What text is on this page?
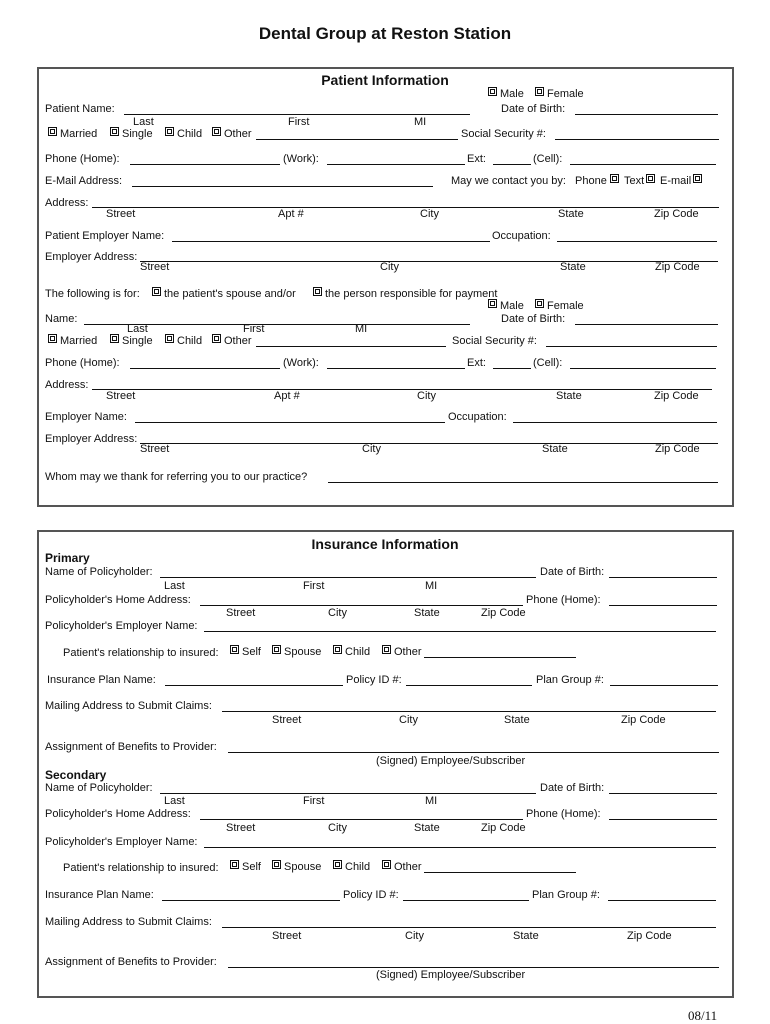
Dental Group at Reston Station
Patient Information
Male	Female
Date of Birth:
Patient Name:
Last	First	MI
Married	Single	Child	Other	Social Security #:
Phone (Home):	(Work):	Ext:	(Cell):
E-Mail Address:	May we contact you by: Phone	Text	E-mail
Address:
Street	Apt #	City	State	Zip Code
Patient Employer Name:	Occupation:
Employer Address:
Street	City	State	Zip Code
The following is for:	the patient's spouse and/or	the person responsible for payment
Male	Female
Date of Birth:
Name:
Last	First	MI
Married	Single	Child	Other	Social Security #:
Phone (Home):	(Work):	Ext:	(Cell):
Address:
Street	Apt #	City	State	Zip Code
Employer Name:	Occupation:
Employer Address:
Street	City	State	Zip Code
Whom may we thank for referring you to our practice?
Insurance Information
Primary
Name of Policyholder:	Date of Birth:
Last	First	MI
Policyholder's Home Address:	Phone (Home):
Street	City	State	Zip Code
Policyholder's Employer Name:
Patient's relationship to insured:	Self	Spouse	Child	Other
Insurance Plan Name:	Policy ID #:	Plan Group #:
Mailing Address to Submit Claims:
Street	City	State	Zip Code
Assignment of Benefits to Provider:
(Signed) Employee/Subscriber
Secondary
Name of Policyholder:	Date of Birth:
Last	First	MI
Policyholder's Home Address:	Phone (Home):
Street	City	State	Zip Code
Policyholder's Employer Name:
Patient's relationship to insured:	Self	Spouse	Child	Other
Insurance Plan Name:	Policy ID #:	Plan Group #:
Mailing Address to Submit Claims:
Street	City	State	Zip Code
Assignment of Benefits to Provider:
(Signed) Employee/Subscriber
08/11
